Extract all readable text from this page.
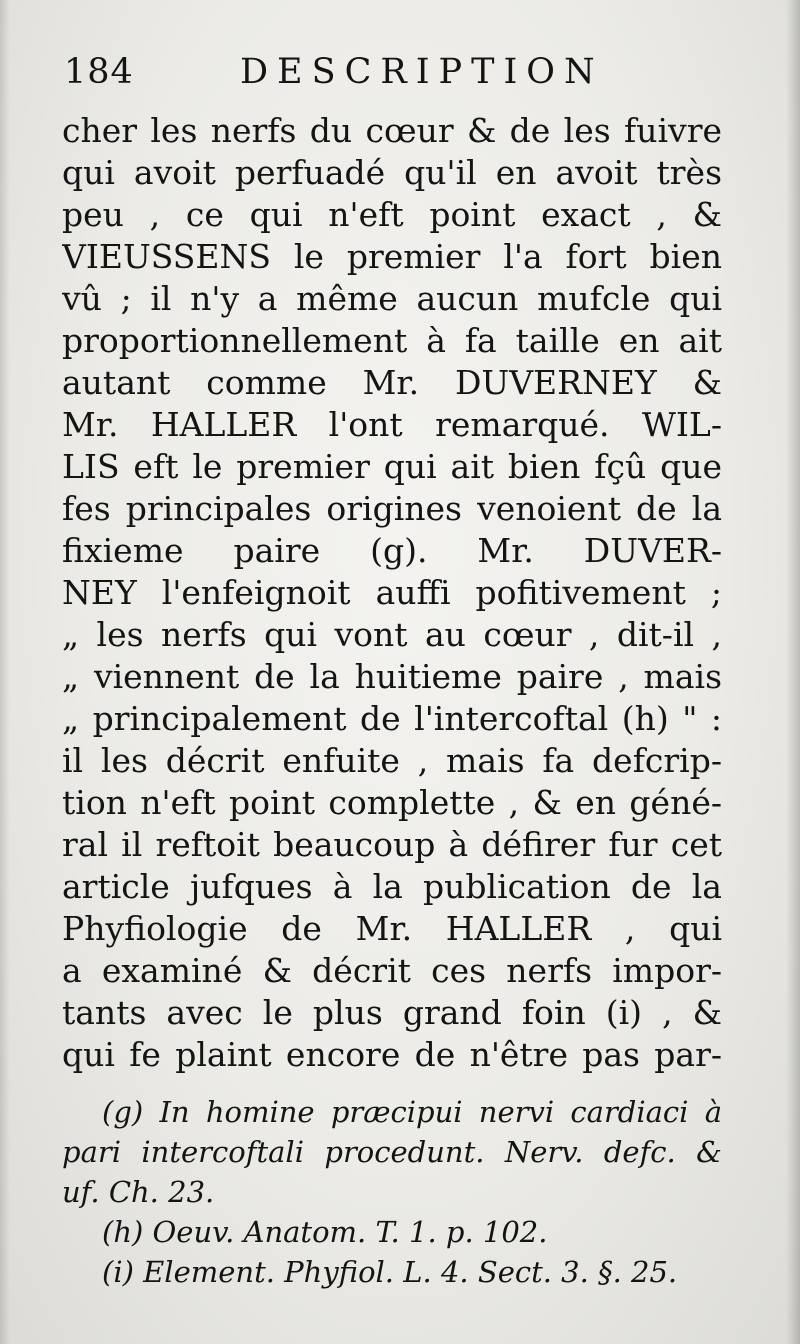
184	DESCRIPTION
cher les nerfs du cœur & de les fuivre
qui avoit perfuadé qu'il en avoit très
peu , ce qui n'eft point exact , &
VIEUSSENS le premier l'a fort bien
vû ; il n'y a même aucun mufcle qui
proportionnellement à fa taille en ait
autant comme Mr. DUVERNEY &
Mr. HALLER l'ont remarqué. WIL-
LIS eft le premier qui ait bien fçû que
fes principales origines venoient de la
fixieme paire (g). Mr. DUVER-
NEY l'enfeignoit auffi pofitivement ;
„ les nerfs qui vont au cœur , dit-il ,
„ viennent de la huitieme paire , mais
„ principalement de l'intercoftal (h) " :
il les décrit enfuite , mais fa defcrip-
tion n'eft point complette , & en géné-
ral il reftoit beaucoup à défirer fur cet
article jufques à la publication de la
Phyfiologie de Mr. HALLER , qui
a examiné & décrit ces nerfs impor-
tants avec le plus grand foin (i) , &
qui fe plaint encore de n'être pas par-
(g) In homine præcipui nervi cardiaci à
pari intercoftali procedunt. Nerv. defc. &
uf. Ch. 23.
(h) Oeuv. Anatom. T. 1. p. 102.
(i) Element. Phyfiol. L. 4. Sect. 3. §. 25.
